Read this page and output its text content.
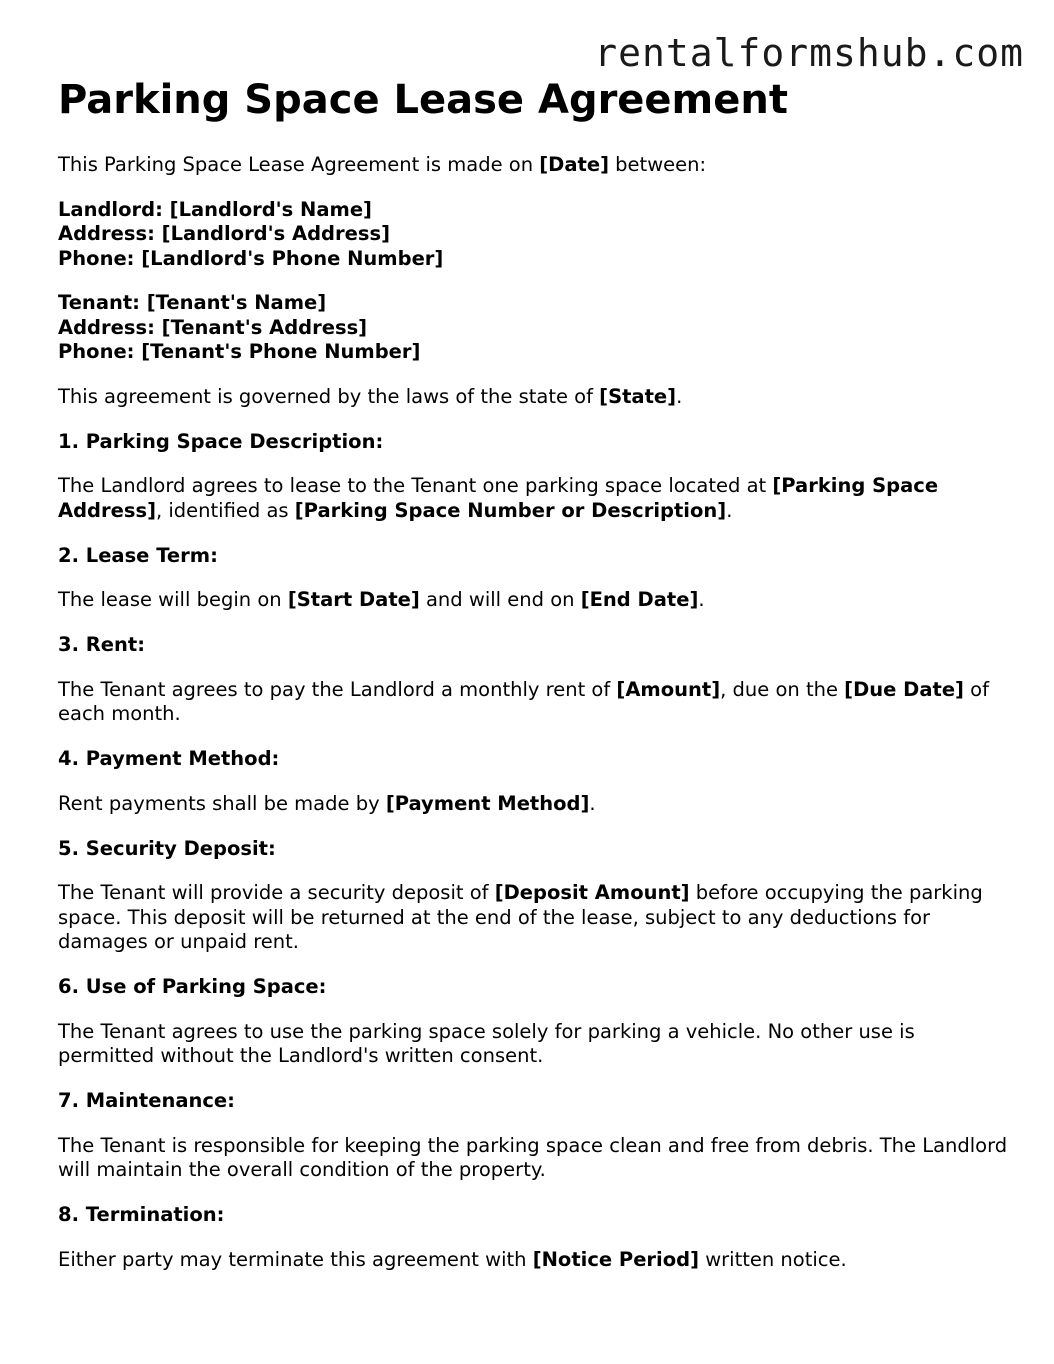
rentalformshub.com
Parking Space Lease Agreement

This Parking Space Lease Agreement is made on [Date] between:

Landlord: [Landlord's Name]
Address: [Landlord's Address]
Phone: [Landlord's Phone Number]
Tenant: [Tenant's Name]
Address: [Tenant's Address]
Phone: [Tenant's Phone Number]

This agreement is governed by the laws of the state of [State].

1. Parking Space Description:

The Landlord agrees to lease to the Tenant one parking space located at [Parking Space Address], identified as [Parking Space Number or Description].

2. Lease Term:

The lease will begin on [Start Date] and will end on [End Date].

3. Rent:

The Tenant agrees to pay the Landlord a monthly rent of [Amount], due on the [Due Date] of each month.

4. Payment Method:

Rent payments shall be made by [Payment Method].

5. Security Deposit:

The Tenant will provide a security deposit of [Deposit Amount] before occupying the parking space. This deposit will be returned at the end of the lease, subject to any deductions for damages or unpaid rent.

6. Use of Parking Space:

The Tenant agrees to use the parking space solely for parking a vehicle. No other use is permitted without the Landlord's written consent.

7. Maintenance:

The Tenant is responsible for keeping the parking space clean and free from debris. The Landlord will maintain the overall condition of the property.

8. Termination:

Either party may terminate this agreement with [Notice Period] written notice.
